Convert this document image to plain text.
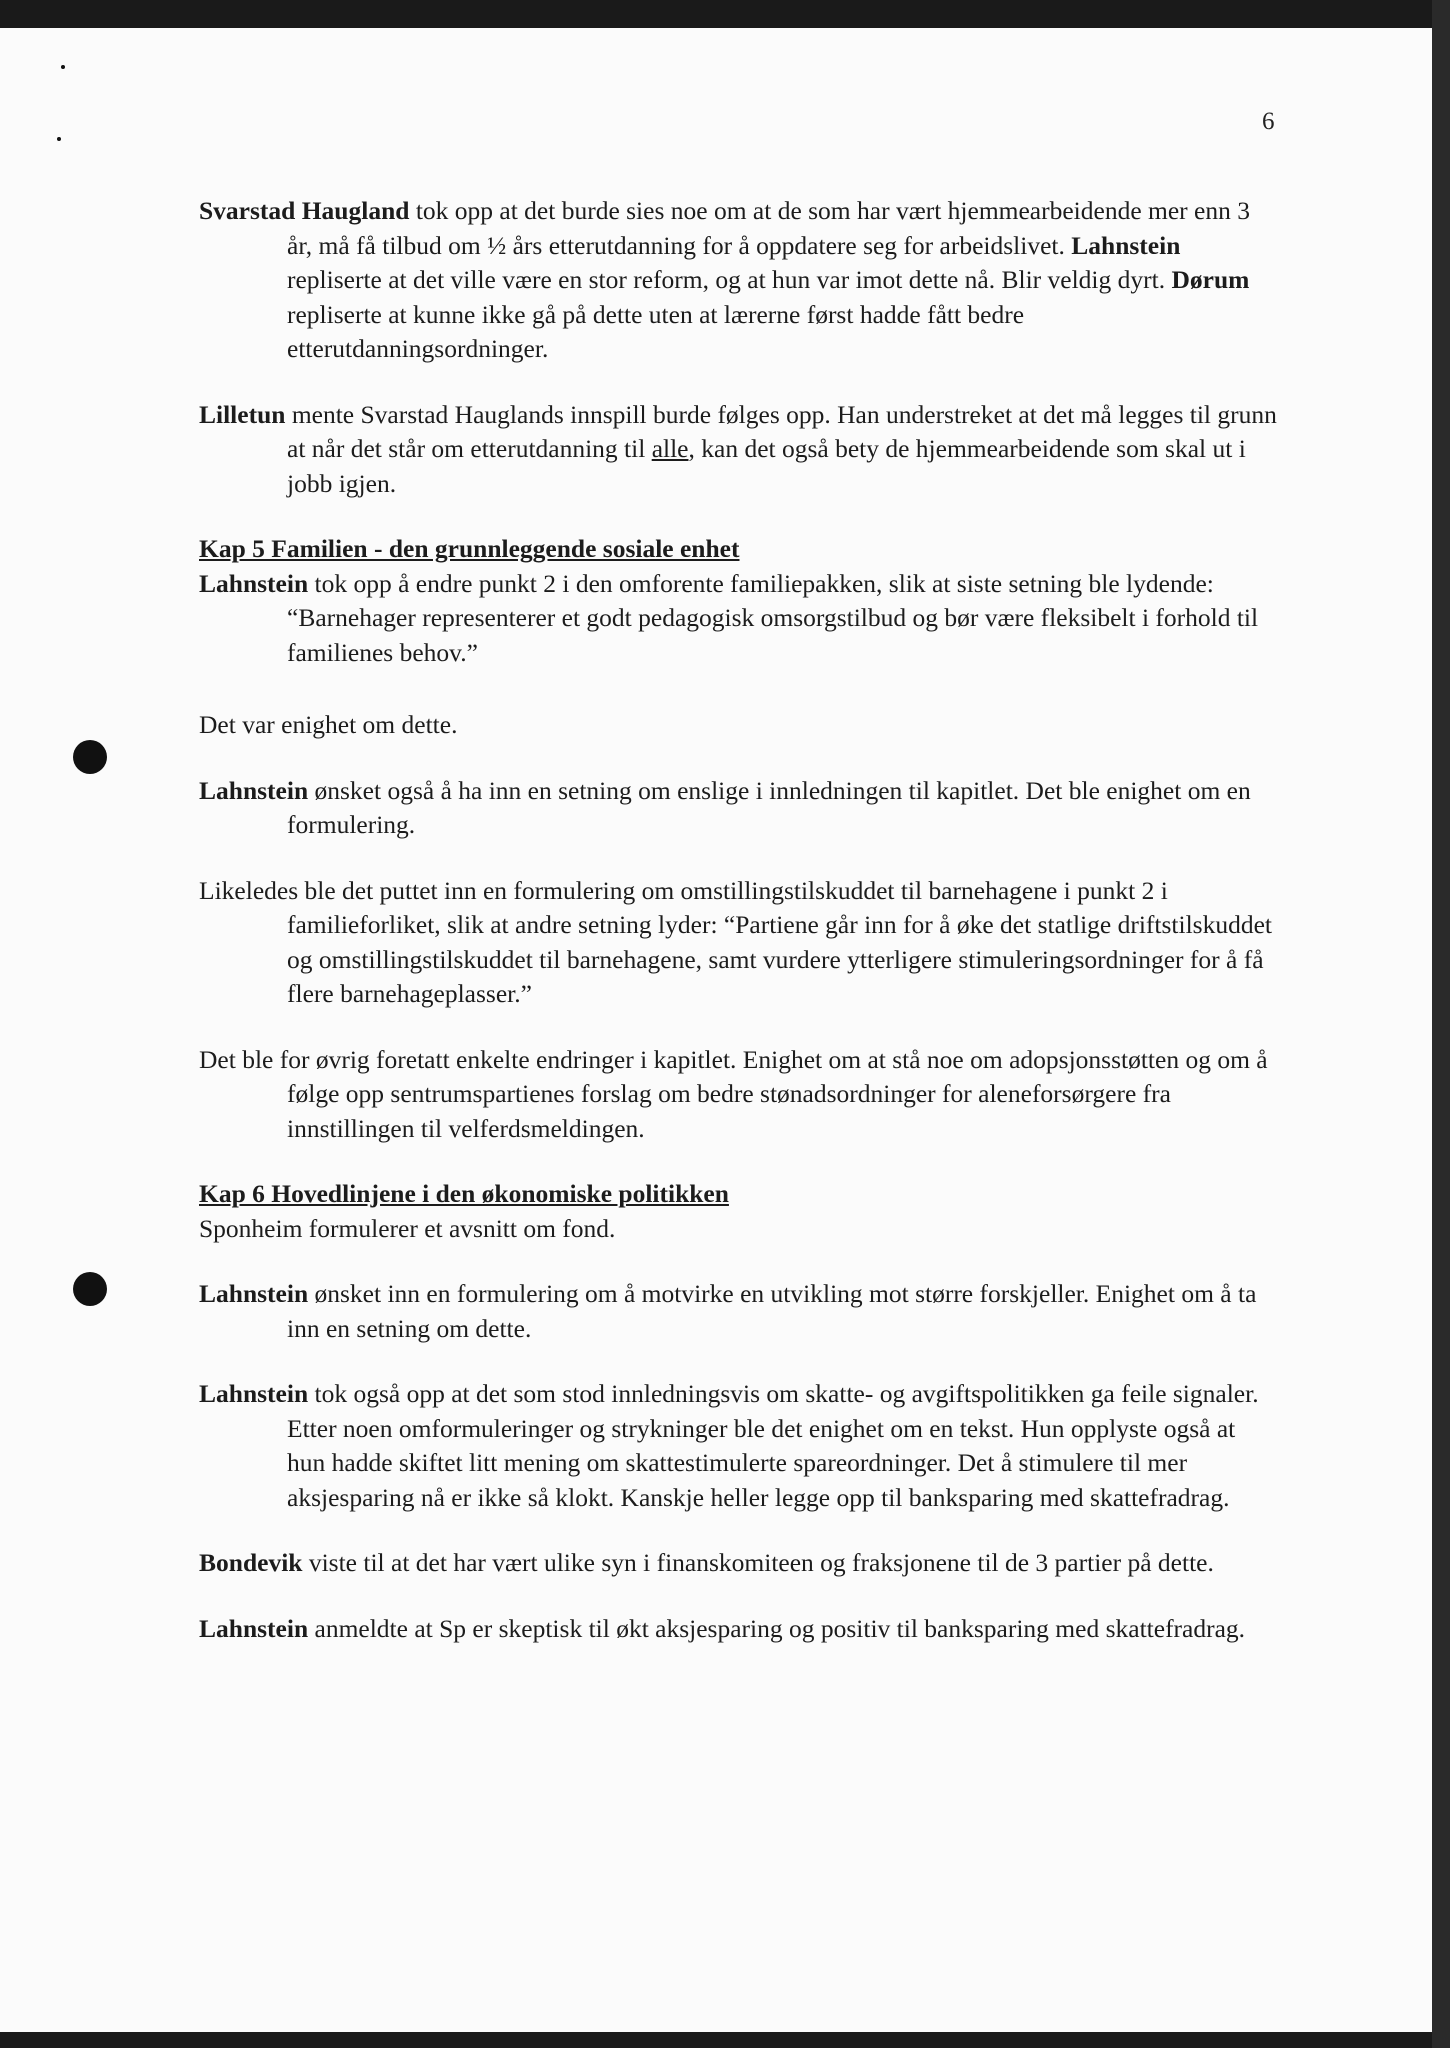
6

Svarstad Haugland tok opp at det burde sies noe om at de som har vært hjemmearbeidende mer enn 3 år, må få tilbud om ½ års etterutdanning for å oppdatere seg for arbeidslivet. Lahnstein repliserte at det ville være en stor reform, og at hun var imot dette nå. Blir veldig dyrt. Dørum repliserte at kunne ikke gå på dette uten at lærerne først hadde fått bedre etterutdanningsordninger.

Lilletun mente Svarstad Hauglands innspill burde følges opp. Han understreket at det må legges til grunn at når det står om etterutdanning til alle, kan det også bety de hjemmearbeidende som skal ut i jobb igjen.

Kap 5 Familien - den grunnleggende sosiale enhet

Lahnstein tok opp å endre punkt 2 i den omforente familiepakken, slik at siste setning ble lydende: “Barnehager representerer et godt pedagogisk omsorgstilbud og bør være fleksibelt i forhold til familienes behov.”

Det var enighet om dette.

Lahnstein ønsket også å ha inn en setning om enslige i innledningen til kapitlet. Det ble enighet om en formulering.

Likeledes ble det puttet inn en formulering om omstillingstilskuddet til barnehagene i punkt 2 i familieforliket, slik at andre setning lyder: “Partiene går inn for å øke det statlige driftstilskuddet og omstillingstilskuddet til barnehagene, samt vurdere ytterligere stimuleringsordninger for å få flere barnehageplasser.”

Det ble for øvrig foretatt enkelte endringer i kapitlet. Enighet om at stå noe om adopsjonsstøtten og om å følge opp sentrumspartienes forslag om bedre stønadsordninger for aleneforsørgere fra innstillingen til velferdsmeldingen.

Kap 6 Hovedlinjene i den økonomiske politikken

Sponheim formulerer et avsnitt om fond.

Lahnstein ønsket inn en formulering om å motvirke en utvikling mot større forskjeller. Enighet om å ta inn en setning om dette.

Lahnstein tok også opp at det som stod innledningsvis om skatte- og avgiftspolitikken ga feile signaler. Etter noen omformuleringer og strykninger ble det enighet om en tekst. Hun opplyste også at hun hadde skiftet litt mening om skattestimulerte spareordninger. Det å stimulere til mer aksjesparing nå er ikke så klokt. Kanskje heller legge opp til banksparing med skattefradrag.

Bondevik viste til at det har vært ulike syn i finanskomiteen og fraksjonene til de 3 partier på dette.

Lahnstein anmeldte at Sp er skeptisk til økt aksjesparing og positiv til banksparing med skattefradrag.
